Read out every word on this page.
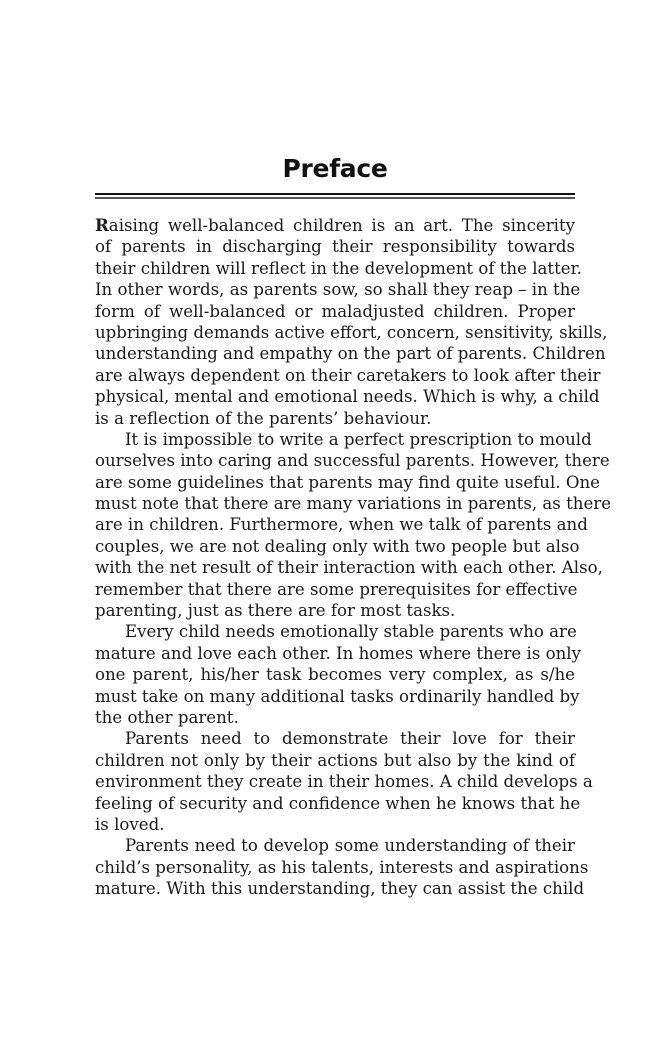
Preface
Raising well-balanced children is an art. The sincerity
of parents in discharging their responsibility towards
their children will reflect in the development of the latter.
In other words, as parents sow, so shall they reap – in the
form of well-balanced or maladjusted children. Proper
upbringing demands active effort, concern, sensitivity, skills,
understanding and empathy on the part of parents. Children
are always dependent on their caretakers to look after their
physical, mental and emotional needs. Which is why, a child
is a reflection of the parents’ behaviour.
It is impossible to write a perfect prescription to mould
ourselves into caring and successful parents. However, there
are some guidelines that parents may find quite useful. One
must note that there are many variations in parents, as there
are in children. Furthermore, when we talk of parents and
couples, we are not dealing only with two people but also
with the net result of their interaction with each other. Also,
remember that there are some prerequisites for effective
parenting, just as there are for most tasks.
Every child needs emotionally stable parents who are
mature and love each other. In homes where there is only
one parent, his/her task becomes very complex, as s/he
must take on many additional tasks ordinarily handled by
the other parent.
Parents need to demonstrate their love for their
children not only by their actions but also by the kind of
environment they create in their homes. A child develops a
feeling of security and confidence when he knows that he
is loved.
Parents need to develop some understanding of their
child’s personality, as his talents, interests and aspirations
mature. With this understanding, they can assist the child
